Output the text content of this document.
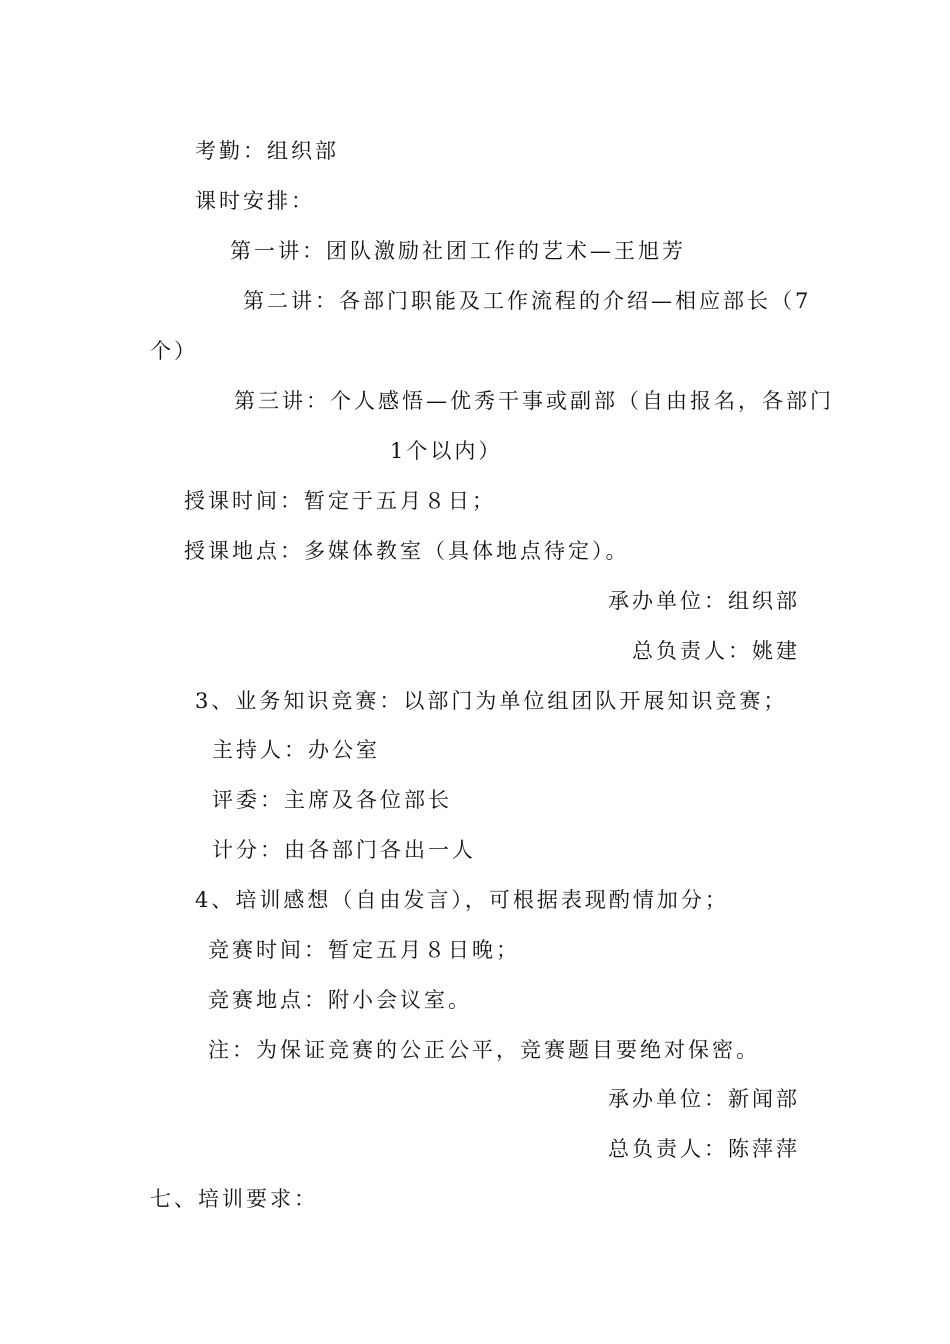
考勤：组织部
课时安排：
第一讲：团队激励社团工作的艺术—王旭芳
第二讲：各部门职能及工作流程的介绍—相应部长（7
个）
第三讲：个人感悟—优秀干事或副部（自由报名，各部门
1个以内）
授课时间：暂定于五月８日；
授课地点：多媒体教室（具体地点待定）。
承办单位：组织部
总负责人：姚建
3、业务知识竞赛：以部门为单位组团队开展知识竞赛；
主持人：办公室
评委：主席及各位部长
计分：由各部门各出一人
4、培训感想（自由发言），可根据表现酌情加分；
竞赛时间：暂定五月８日晚；
竞赛地点：附小会议室。
注：为保证竞赛的公正公平，竞赛题目要绝对保密。
承办单位：新闻部
总负责人：陈萍萍
七、培训要求：
